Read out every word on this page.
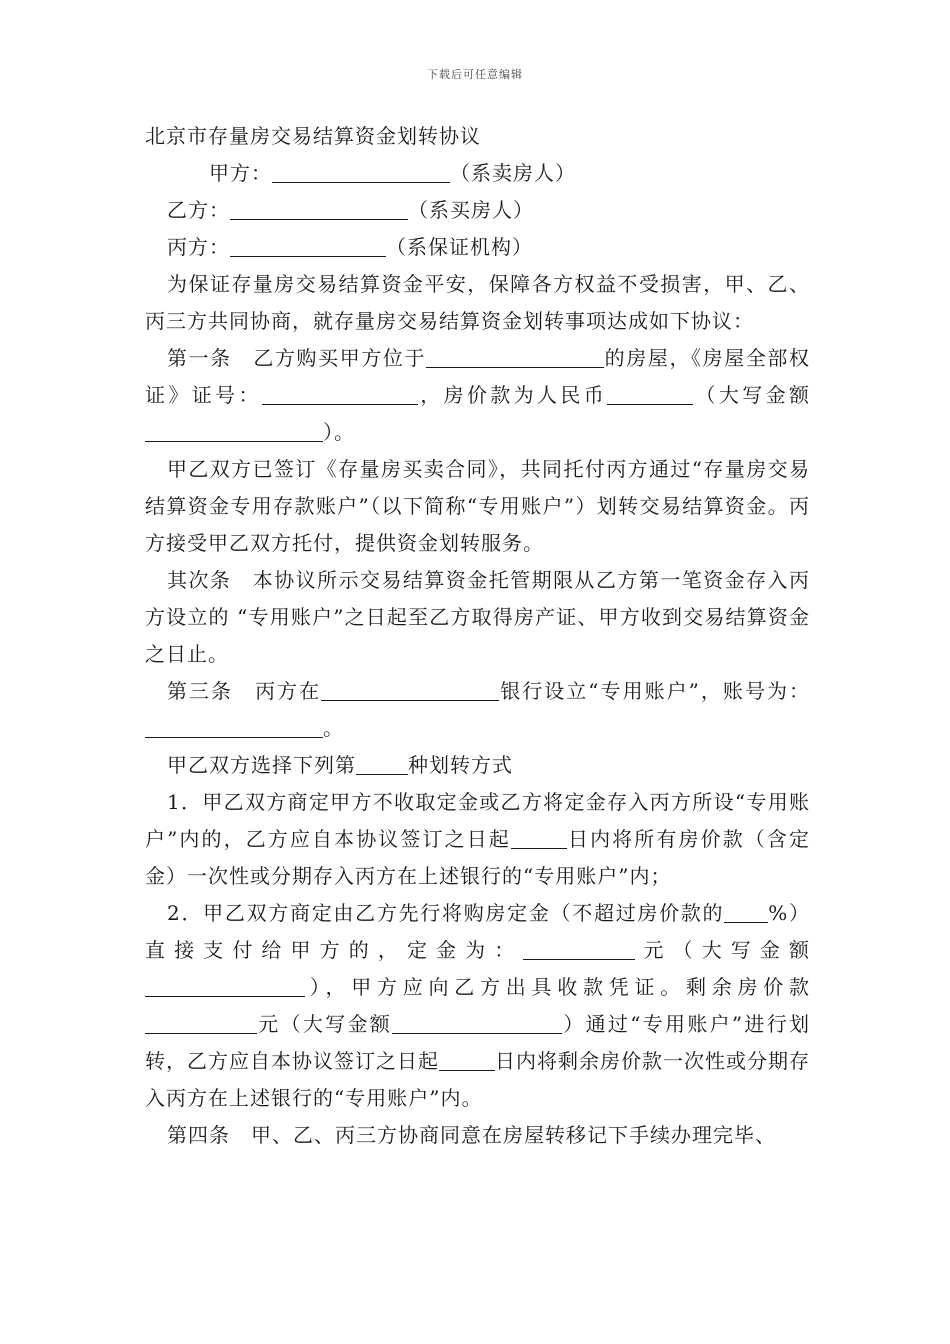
下载后可任意编辑
北京市存量房交易结算资金划转协议
甲方：	（系卖房人）
乙方：	（系买房人）
丙方：	（系保证机构）
为保证存量房交易结算资金平安，保障各方权益不受损害，甲、乙、丙三方共同协商，就存量房交易结算资金划转事项达成如下协议：
第一条　乙方购买甲方位于	的房屋，《房屋全部权证》证号：	，房价款为人民币	（大写金额）。
甲乙双方已签订《存量房买卖合同》，共同托付丙方通过“存量房交易结算资金专用存款账户”（以下简称“专用账户”）划转交易结算资金。丙方接受甲乙双方托付，提供资金划转服务。
其次条　本协议所示交易结算资金托管期限从乙方第一笔资金存入丙方设立的 “专用账户”之日起至乙方取得房产证、甲方收到交易结算资金之日止。
第三条　丙方在	银行设立“专用账户”，账号为：。
甲乙双方选择下列第	种划转方式
1．甲乙双方商定甲方不收取定金或乙方将定金存入丙方所设“专用账户”内的，乙方应自本协议签订之日起	日内将所有房价款（含定金）一次性或分期存入丙方在上述银行的“专用账户”内；
2．甲乙双方商定由乙方先行将购房定金（不超过房价款的 %）直接支付给甲方的，定金为：	元（大写金额），甲方应向乙方出具收款凭证。剩余房价款元（大写金额	）通过“专用账户”进行划转，乙方应自本协议签订之日起	日内将剩余房价款一次性或分期存入丙方在上述银行的“专用账户”内。
第四条　甲、乙、丙三方协商同意在房屋转移记下手续办理完毕、
